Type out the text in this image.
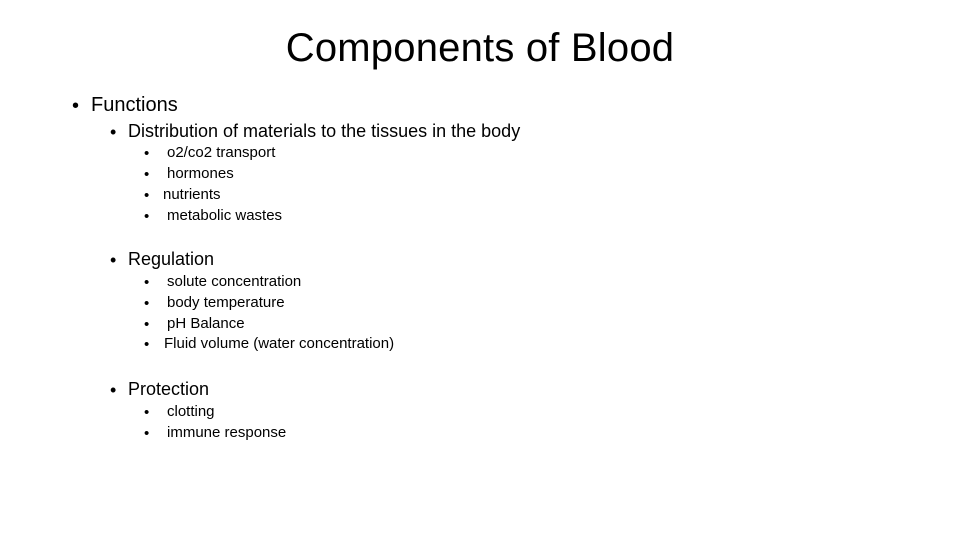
Components of Blood
• Functions
• Distribution of materials to the tissues in the body
• o2/co2 transport
• hormones
• nutrients
• metabolic wastes
• Regulation
• solute concentration
• body temperature
• pH Balance
• Fluid volume (water concentration)
• Protection
• clotting
• immune response
